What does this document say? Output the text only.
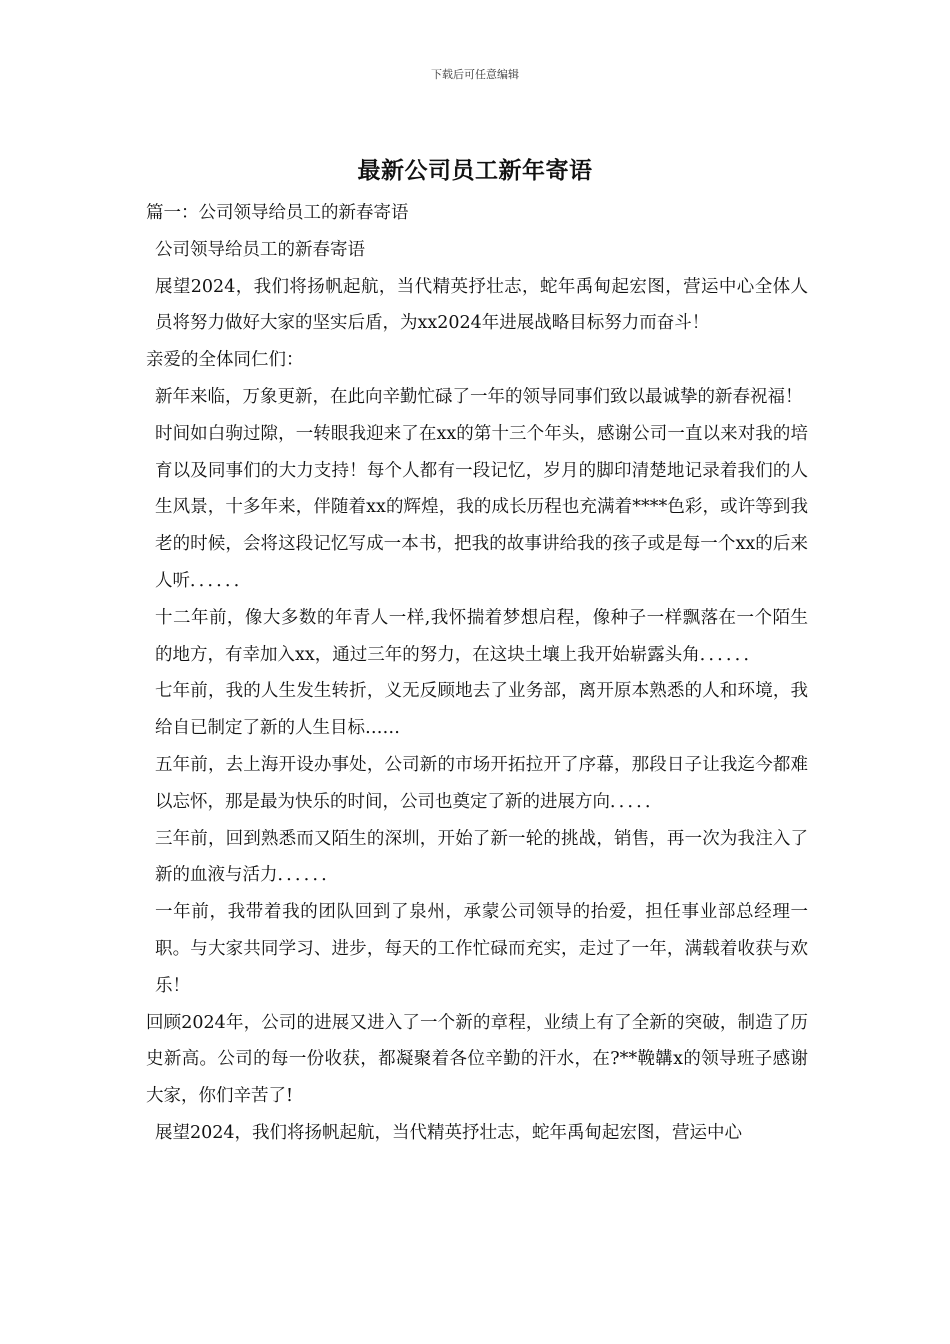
下载后可任意编辑
最新公司员工新年寄语

篇一：公司领导给员工的新春寄语

公司领导给员工的新春寄语

展望2024，我们将扬帆起航，当代精英抒壮志，蛇年禹甸起宏图，营运中心全体人员将努力做好大家的坚实后盾，为xx2024年进展战略目标努力而奋斗！

亲爱的全体同仁们：

新年来临，万象更新，在此向辛勤忙碌了一年的领导同事们致以最诚挚的新春祝福！

时间如白驹过隙，一转眼我迎来了在xx的第十三个年头，感谢公司一直以来对我的培育以及同事们的大力支持！每个人都有一段记忆，岁月的脚印清楚地记录着我们的人生风景，十多年来，伴随着xx的辉煌，我的成长历程也充满着****色彩，或许等到我老的时候，会将这段记忆写成一本书，把我的故事讲给我的孩子或是每一个xx的后来人听．．．．．．

十二年前，像大多数的年青人一样,我怀揣着梦想启程，像种子一样飘落在一个陌生的地方，有幸加入xx，通过三年的努力，在这块土壤上我开始崭露头角．．．．．．

七年前，我的人生发生转折，义无反顾地去了业务部，离开原本熟悉的人和环境，我给自已制定了新的人生目标……

五年前，去上海开设办事处，公司新的市场开拓拉开了序幕，那段日子让我迄今都难以忘怀，那是最为快乐的时间，公司也奠定了新的进展方向．．．．．

三年前，回到熟悉而又陌生的深圳，开始了新一轮的挑战，销售，再一次为我注入了新的血液与活力．．．．．．

一年前，我带着我的团队回到了泉州，承蒙公司领导的抬爱，担任事业部总经理一职。与大家共同学习、进步，每天的工作忙碌而充实，走过了一年，满载着收获与欢乐！

回顾2024年，公司的进展又进入了一个新的章程，业绩上有了全新的突破，制造了历史新高。公司的每一份收获，都凝聚着各位辛勤的汗水，在?**鞔韝x的领导班子感谢大家，你们辛苦了!

展望2024，我们将扬帆起航，当代精英抒壮志，蛇年禹甸起宏图，营运中心
